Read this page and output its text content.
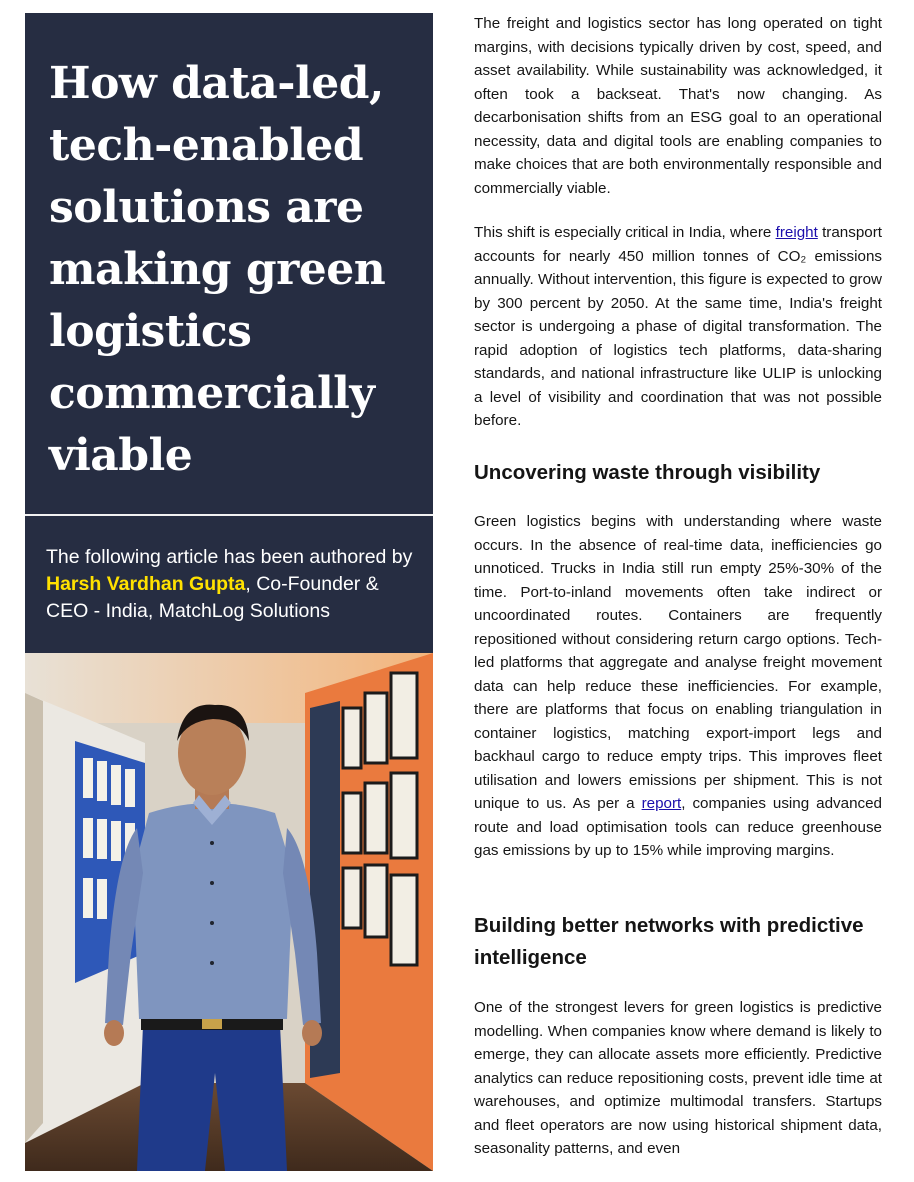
How data-led, tech-enabled solutions are making green logistics commercially viable

The following article has been authored by Harsh Vardhan Gupta, Co-Founder & CEO - India, MatchLog Solutions

The freight and logistics sector has long operated on tight margins, with decisions typically driven by cost, speed, and asset availability. While sustainability was acknowledged, it often took a backseat. That's now changing. As decarbonisation shifts from an ESG goal to an operational necessity, data and digital tools are enabling companies to make choices that are both environmentally responsible and commercially viable.

This shift is especially critical in India, where freight transport accounts for nearly 450 million tonnes of CO₂ emissions annually. Without intervention, this figure is expected to grow by 300 percent by 2050. At the same time, India's freight sector is undergoing a phase of digital transformation. The rapid adoption of logistics tech platforms, data-sharing standards, and national infrastructure like ULIP is unlocking a level of visibility and coordination that was not possible before.

Uncovering waste through visibility

Green logistics begins with understanding where waste occurs. In the absence of real-time data, inefficiencies go unnoticed. Trucks in India still run empty 25%-30% of the time. Port-to-inland movements often take indirect or uncoordinated routes. Containers are frequently repositioned without considering return cargo options. Tech-led platforms that aggregate and analyse freight movement data can help reduce these inefficiencies. For example, there are platforms that focus on enabling triangulation in container logistics, matching export-import legs and backhaul cargo to reduce empty trips. This improves fleet utilisation and lowers emissions per shipment. This is not unique to us. As per a report, companies using advanced route and load optimisation tools can reduce greenhouse gas emissions by up to 15% while improving margins.

Building better networks with predictive intelligence

One of the strongest levers for green logistics is predictive modelling. When companies know where demand is likely to emerge, they can allocate assets more efficiently. Predictive analytics can reduce repositioning costs, prevent idle time at warehouses, and optimize multimodal transfers. Startups and fleet operators are now using historical shipment data, seasonality patterns, and even
